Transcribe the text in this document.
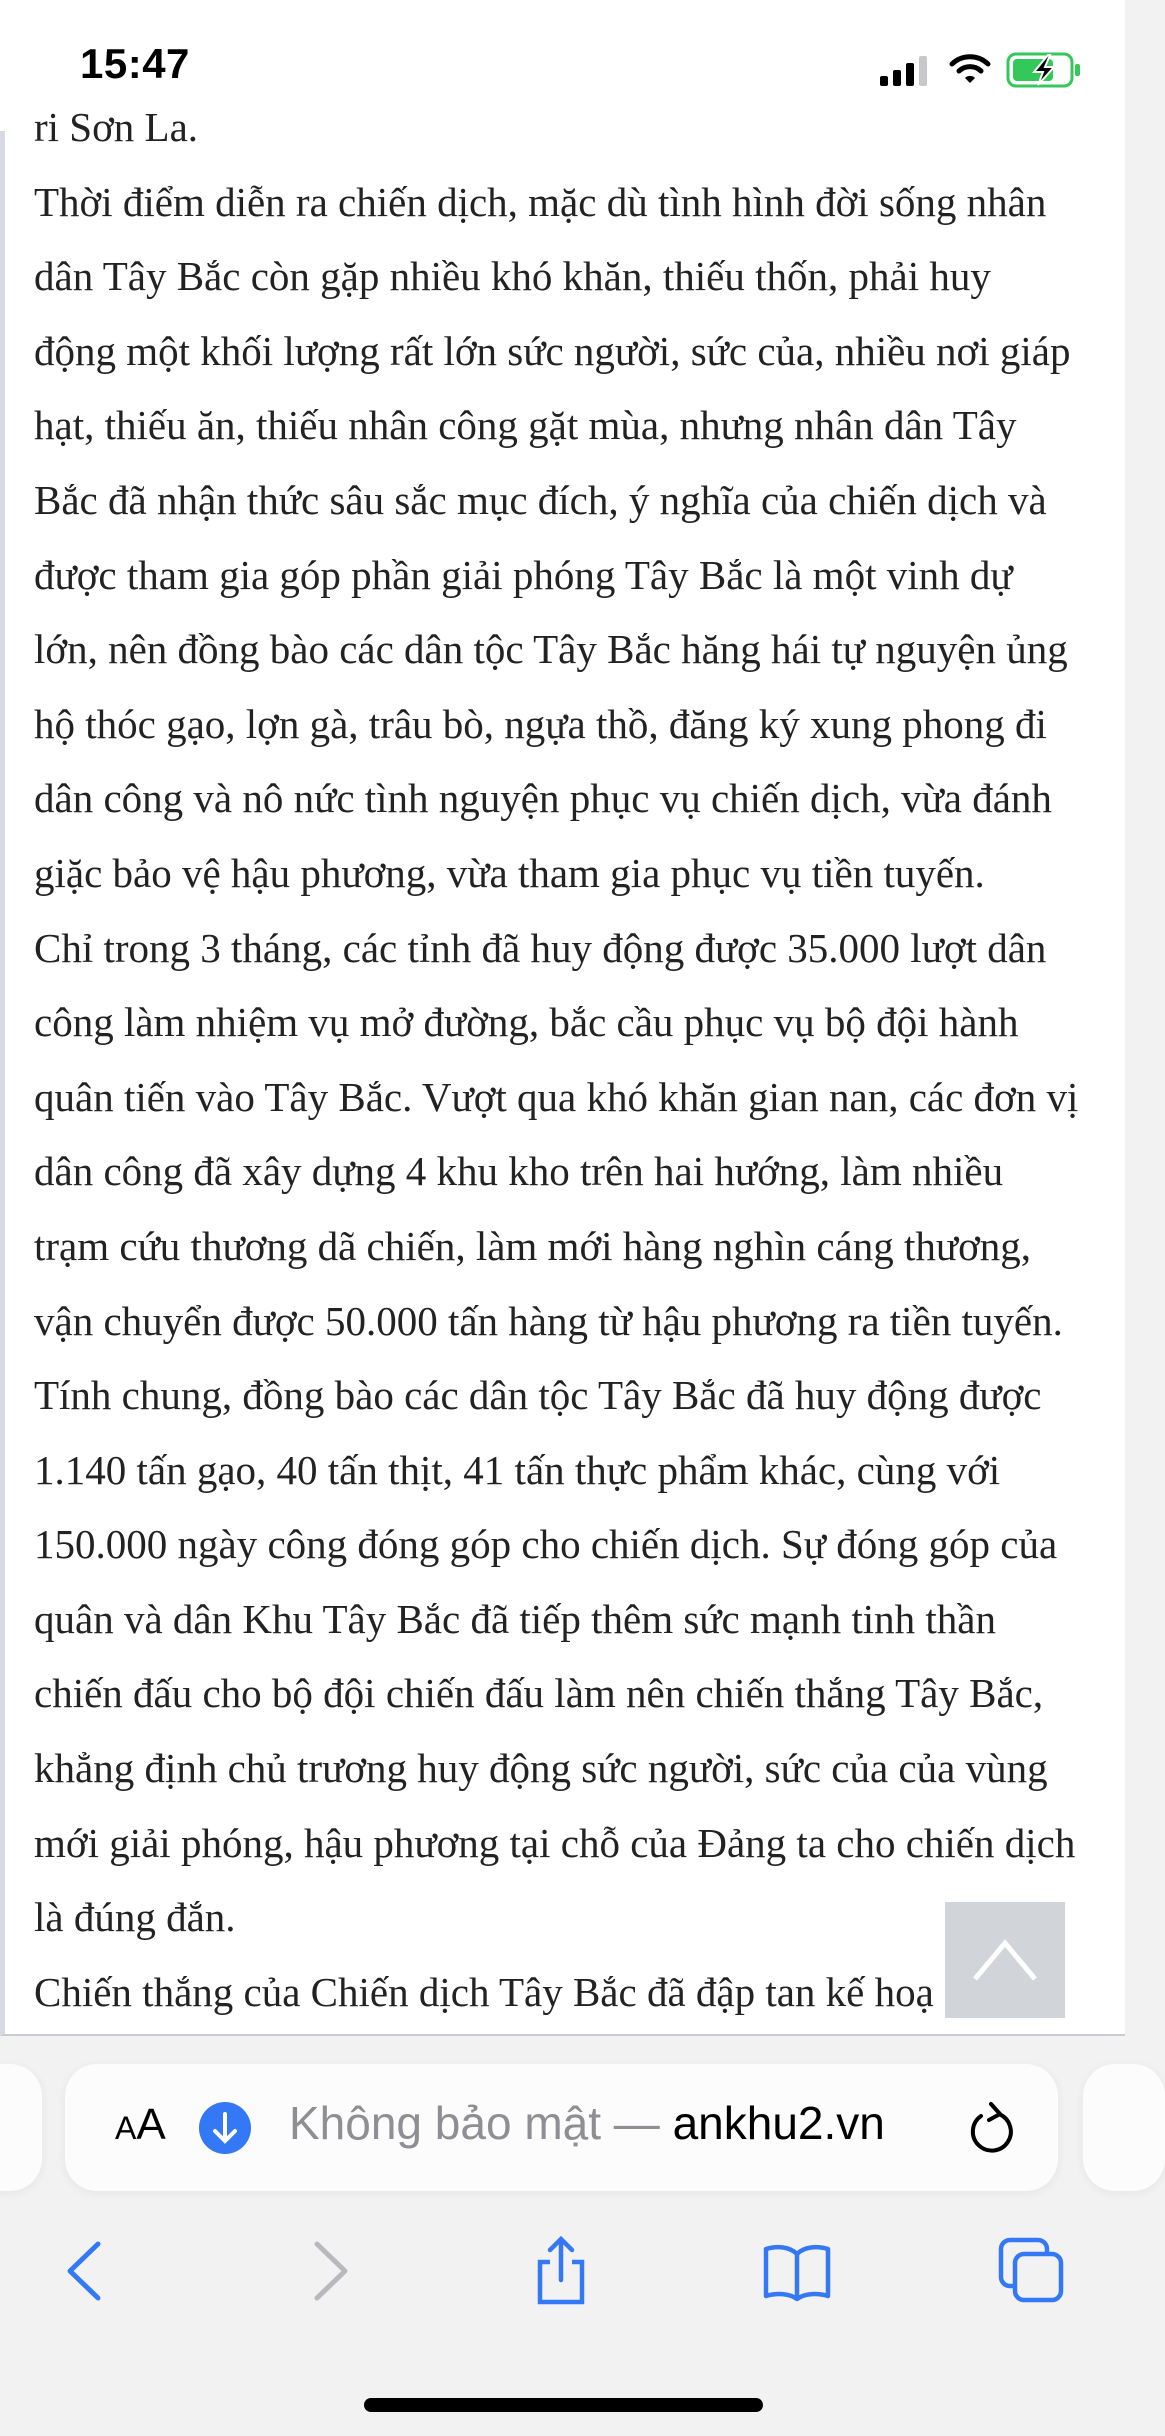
15:47
ri Sơn La.
Thời điểm diễn ra chiến dịch, mặc dù tình hình đời sống nhân
dân Tây Bắc còn gặp nhiều khó khăn, thiếu thốn, phải huy
động một khối lượng rất lớn sức người, sức của, nhiều nơi giáp
hạt, thiếu ăn, thiếu nhân công gặt mùa, nhưng nhân dân Tây
Bắc đã nhận thức sâu sắc mục đích, ý nghĩa của chiến dịch và
được tham gia góp phần giải phóng Tây Bắc là một vinh dự
lớn, nên đồng bào các dân tộc Tây Bắc hăng hái tự nguyện ủng
hộ thóc gạo, lợn gà, trâu bò, ngựa thồ, đăng ký xung phong đi
dân công và nô nức tình nguyện phục vụ chiến dịch, vừa đánh
giặc bảo vệ hậu phương, vừa tham gia phục vụ tiền tuyến.
Chỉ trong 3 tháng, các tỉnh đã huy động được 35.000 lượt dân
công làm nhiệm vụ mở đường, bắc cầu phục vụ bộ đội hành
quân tiến vào Tây Bắc. Vượt qua khó khăn gian nan, các đơn vị
dân công đã xây dựng 4 khu kho trên hai hướng, làm nhiều
trạm cứu thương dã chiến, làm mới hàng nghìn cáng thương,
vận chuyển được 50.000 tấn hàng từ hậu phương ra tiền tuyến.
Tính chung, đồng bào các dân tộc Tây Bắc đã huy động được
1.140 tấn gạo, 40 tấn thịt, 41 tấn thực phẩm khác, cùng với
150.000 ngày công đóng góp cho chiến dịch. Sự đóng góp của
quân và dân Khu Tây Bắc đã tiếp thêm sức mạnh tinh thần
chiến đấu cho bộ đội chiến đấu làm nên chiến thắng Tây Bắc,
khẳng định chủ trương huy động sức người, sức của của vùng
mới giải phóng, hậu phương tại chỗ của Đảng ta cho chiến dịch
là đúng đắn.
Chiến thắng của Chiến dịch Tây Bắc đã đập tan kế hoạ
AA	Không bảo mật — ankhu2.vn
